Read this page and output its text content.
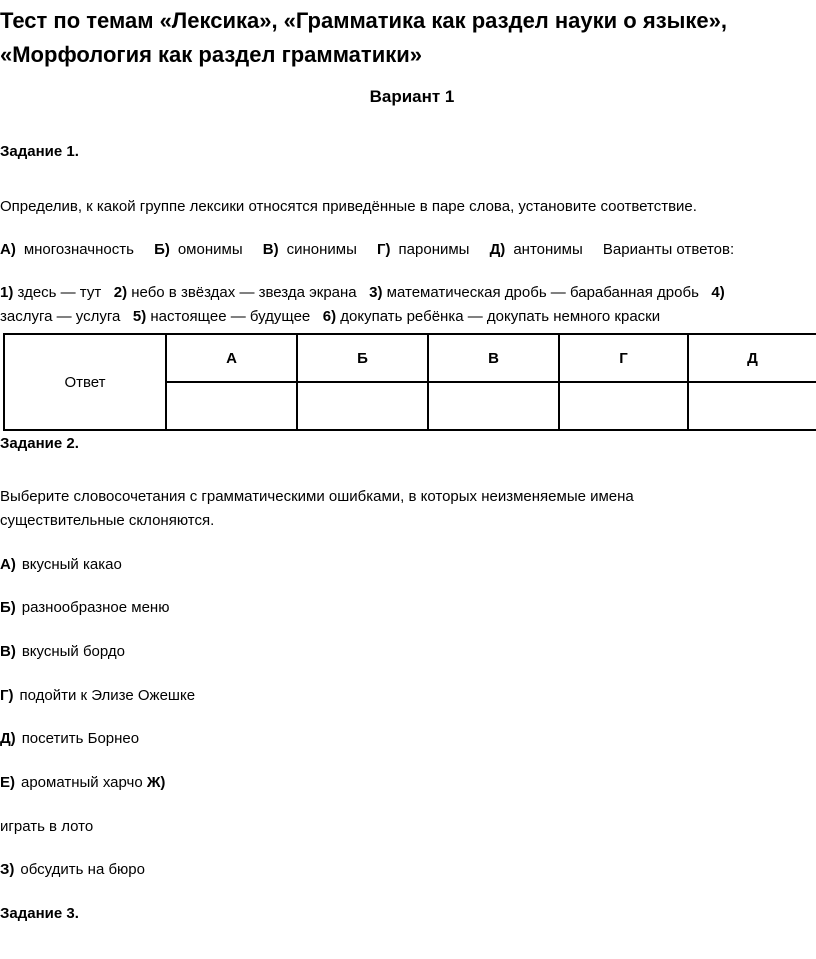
Тест по темам «Лексика», «Грамматика как раздел науки о языке»,
«Морфология как раздел грамматики»
Вариант 1
Задание 1.
Определив, к какой группе лексики относятся приведённые в паре слова, установите соответствие.
А) многозначность Б) омонимы В) синонимы Г) паронимы Д) антонимы Варианты ответов:
1) здесь — тут 2) небо в звёздах — звезда экрана 3) математическая дробь — барабанная дробь 4)
заслуга — услуга 5) настоящее — будущее 6) докупать ребёнка — докупать немного краски
Ответ	А	Б	В	Г	Д

Задание 2.
Выберите словосочетания с грамматическими ошибками, в которых неизменяемые имена
существительные склоняются.
А) вкусный какао
Б) разнообразное меню
В) вкусный бордо
Г) подойти к Элизе Ожешке
Д) посетить Борнео
Е) ароматный харчо Ж)
играть в лото
З) обсудить на бюро
Задание 3.
